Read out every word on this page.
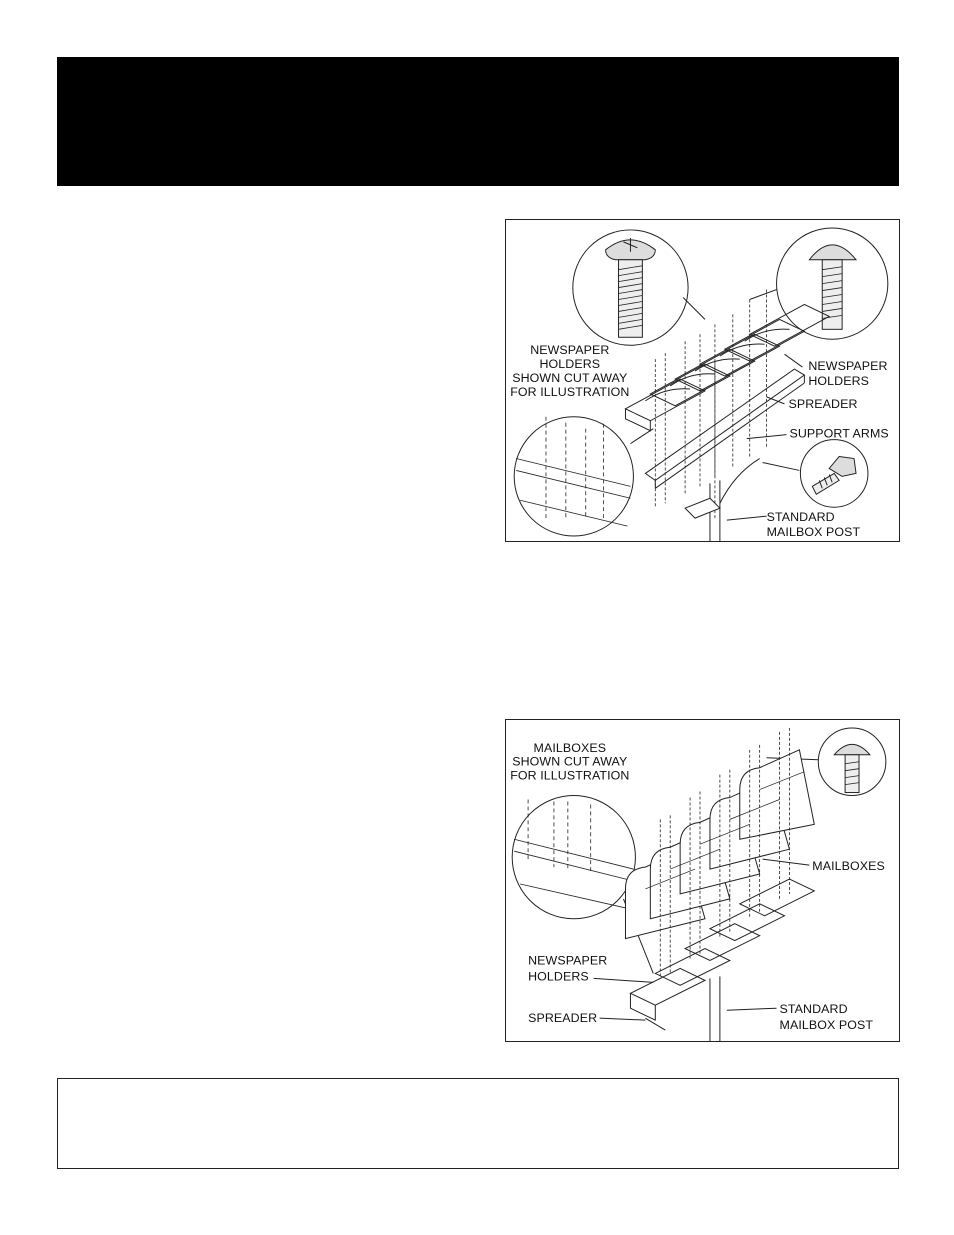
NEWSPAPER
HOLDERS
SHOWN CUT AWAY
FOR ILLUSTRATION
NEWSPAPER
HOLDERS
SPREADER
SUPPORT ARMS
STANDARD
MAILBOX POST
MAILBOXES
SHOWN CUT AWAY
FOR ILLUSTRATION
MAILBOXES
NEWSPAPER
HOLDERS
SPREADER
STANDARD
MAILBOX POST
